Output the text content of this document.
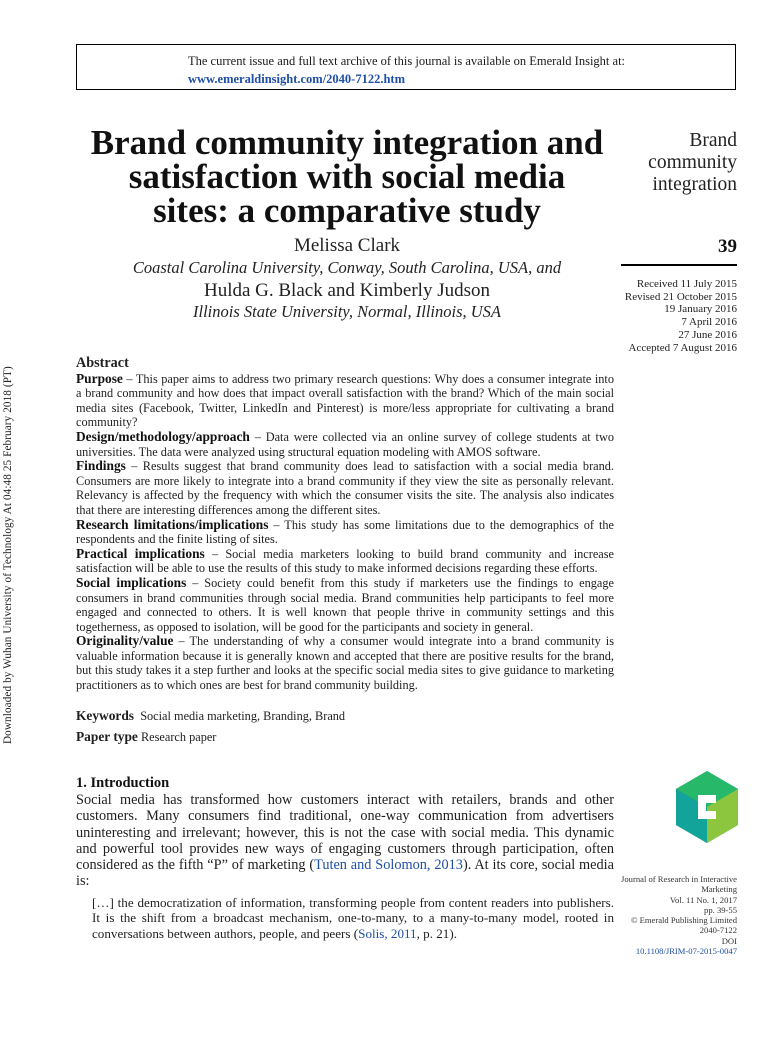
Downloaded by Wuhan University of Technology At 04:48 25 February 2018 (PT)
The current issue and full text archive of this journal is available on Emerald Insight at:
www.emeraldinsight.com/2040-7122.htm
Brand community integration and
satisfaction with social media
sites: a comparative study
Melissa Clark
Coastal Carolina University, Conway, South Carolina, USA, and
Hulda G. Black and Kimberly Judson
Illinois State University, Normal, Illinois, USA
Brand
community
integration
39
Received 11 July 2015
Revised 21 October 2015
19 January 2016
7 April 2016
27 June 2016
Accepted 7 August 2016
Abstract
Purpose – This paper aims to address two primary research questions: Why does a consumer integrate into a brand community and how does that impact overall satisfaction with the brand? Which of the main social media sites (Facebook, Twitter, LinkedIn and Pinterest) is more/less appropriate for cultivating a brand community?
Design/methodology/approach – Data were collected via an online survey of college students at two universities. The data were analyzed using structural equation modeling with AMOS software.
Findings – Results suggest that brand community does lead to satisfaction with a social media brand. Consumers are more likely to integrate into a brand community if they view the site as personally relevant. Relevancy is affected by the frequency with which the consumer visits the site. The analysis also indicates that there are interesting differences among the different sites.
Research limitations/implications – This study has some limitations due to the demographics of the respondents and the finite listing of sites.
Practical implications – Social media marketers looking to build brand community and increase satisfaction will be able to use the results of this study to make informed decisions regarding these efforts.
Social implications – Society could benefit from this study if marketers use the findings to engage consumers in brand communities through social media. Brand communities help participants to feel more engaged and connected to others. It is well known that people thrive in community settings and this togetherness, as opposed to isolation, will be good for the participants and society in general.
Originality/value – The understanding of why a consumer would integrate into a brand community is valuable information because it is generally known and accepted that there are positive results for the brand, but this study takes it a step further and looks at the specific social media sites to give guidance to marketing practitioners as to which ones are best for brand community building.
Keywords Social media marketing, Branding, Brand
Paper type Research paper
1. Introduction
Social media has transformed how customers interact with retailers, brands and other customers. Many consumers find traditional, one-way communication from advertisers uninteresting and irrelevant; however, this is not the case with social media. This dynamic and powerful tool provides new ways of engaging customers through participation, often considered as the fifth “P” of marketing (Tuten and Solomon, 2013). At its core, social media is:
[…] the democratization of information, transforming people from content readers into publishers. It is the shift from a broadcast mechanism, one-to-many, to a many-to-many model, rooted in conversations between authors, people, and peers (Solis, 2011, p. 21).
Journal of Research in Interactive
Marketing
Vol. 11 No. 1, 2017
pp. 39-55
© Emerald Publishing Limited
2040-7122
DOI
10.1108/JRIM-07-2015-0047
